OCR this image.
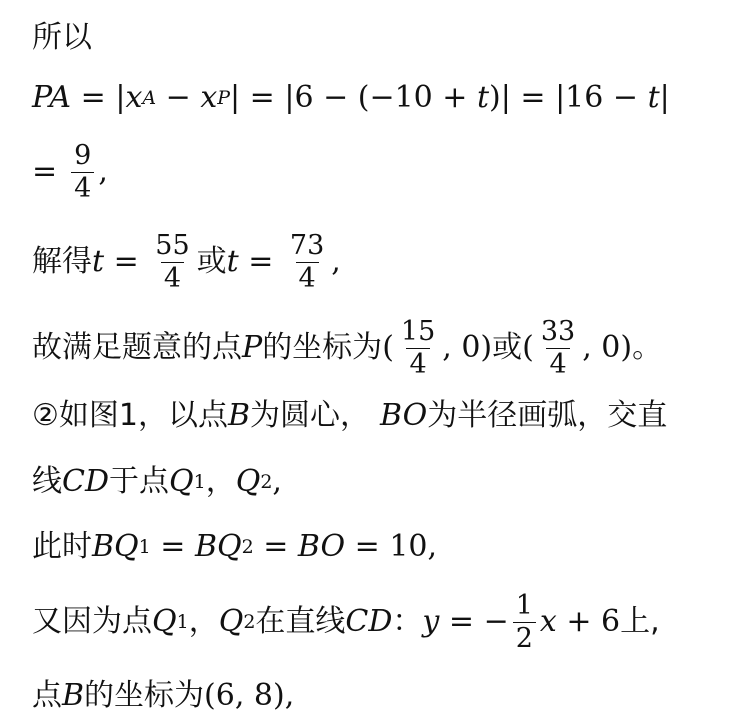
所以
PA = | x A − x P | = |6 − (−10 + t )| = |16 − t |
= $\frac{9}{4}$ ,
解得 $t = \frac{55}{4}$ 或 $t = \frac{73}{4}$ ,
故满足题意的点 P 的坐标为 ( $\frac{15}{4}$ , 0) 或 ( $\frac{33}{4}$ , 0) 。
②如图1，以点 B 为圆心， BO 为半径画弧，交直
线 CD 于点 Q 1 ， Q 2 ,
此时 BQ 1 = BQ 2 = BO = 10,
又因为点 Q 1 ， Q 2 在直线 CD ： y = − $\frac{1}{2}$ x + 6 上,
点 B 的坐标为 (6, 8),
